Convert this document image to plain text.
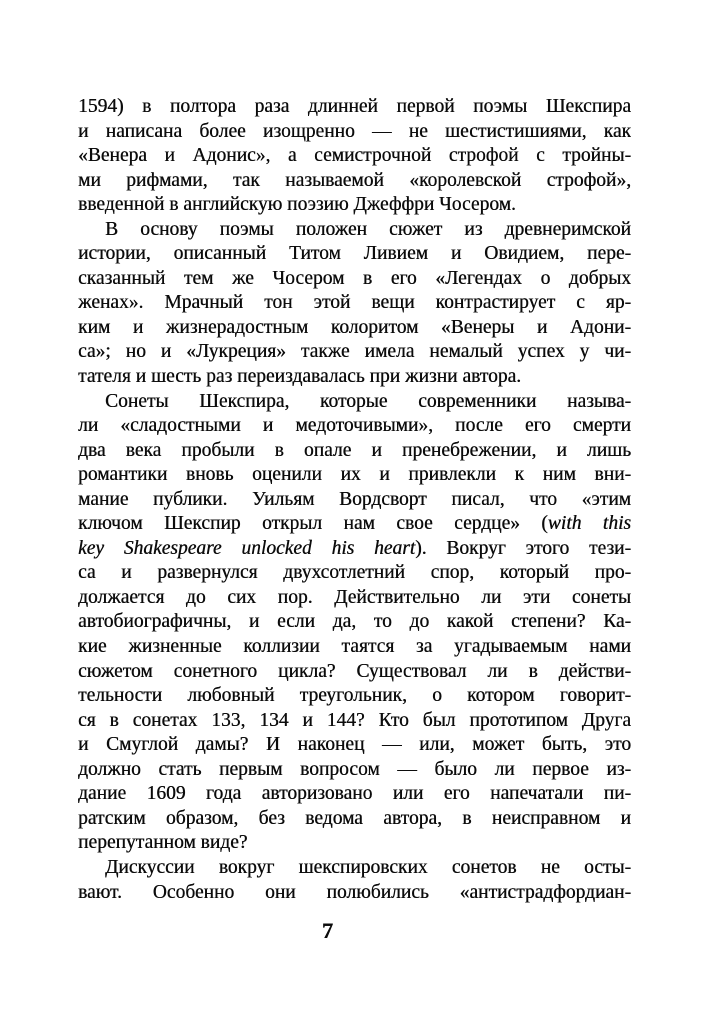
1594) в полтора раза длинней первой поэмы Шекспира
и написана более изощренно — не шестистишиями, как
«Венера и Адонис», а семистрочной строфой с тройны-
ми рифмами, так называемой «королевской строфой»,
введенной в английскую поэзию Джеффри Чосером.
В основу поэмы положен сюжет из древнеримской
истории, описанный Титом Ливием и Овидием, пере-
сказанный тем же Чосером в его «Легендах о добрых
женах». Мрачный тон этой вещи контрастирует с яр-
ким и жизнерадостным колоритом «Венеры и Адони-
са»; но и «Лукреция» также имела немалый успех у чи-
тателя и шесть раз переиздавалась при жизни автора.
Сонеты Шекспира, которые современники называ-
ли «сладостными и медоточивыми», после его смерти
два века пробыли в опале и пренебрежении, и лишь
романтики вновь оценили их и привлекли к ним вни-
мание публики. Уильям Вордсворт писал, что «этим
ключом Шекспир открыл нам свое сердце» (with this
key Shakespeare unlocked his heart). Вокруг этого тези-
са и развернулся двухсотлетний спор, который про-
должается до сих пор. Действительно ли эти сонеты
автобиографичны, и если да, то до какой степени? Ка-
кие жизненные коллизии таятся за угадываемым нами
сюжетом сонетного цикла? Существовал ли в действи-
тельности любовный треугольник, о котором говорит-
ся в сонетах 133, 134 и 144? Кто был прототипом Друга
и Смуглой дамы? И наконец — или, может быть, это
должно стать первым вопросом — было ли первое из-
дание 1609 года авторизовано или его напечатали пи-
ратским образом, без ведома автора, в неисправном и
перепутанном виде?
Дискуссии вокруг шекспировских сонетов не осты-
вают. Особенно они полюбились «антистрадфордиан-
7
